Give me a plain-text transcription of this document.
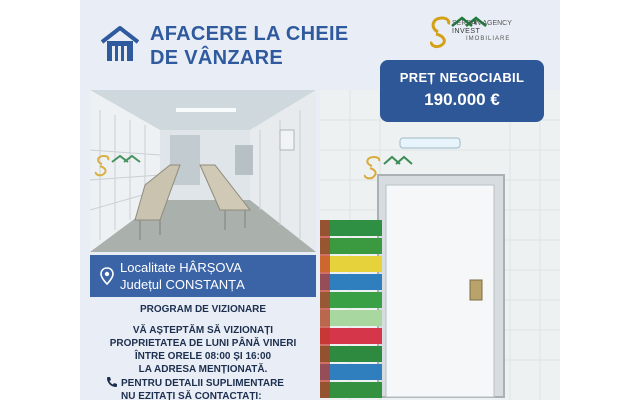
AFACERE LA CHEIE
DE VÂNZARE
SERBAN AGENCY
INVEST
IMOBILIARE
PREȚ NEGOCIABIL
190.000 €
Localitate HÂRȘOVA
Județul CONSTANȚA
PROGRAM DE VIZIONARE
VĂ AȘTEPTĂM SĂ VIZIONAȚI
PROPRIETATEA DE LUNI PÂNĂ VINERI
ÎNTRE ORELE 08:00 ȘI 16:00
LA ADRESA MENȚIONATĂ.
PENTRU DETALII SUPLIMENTARE
NU EZITAȚI SĂ CONTACTAȚI:
